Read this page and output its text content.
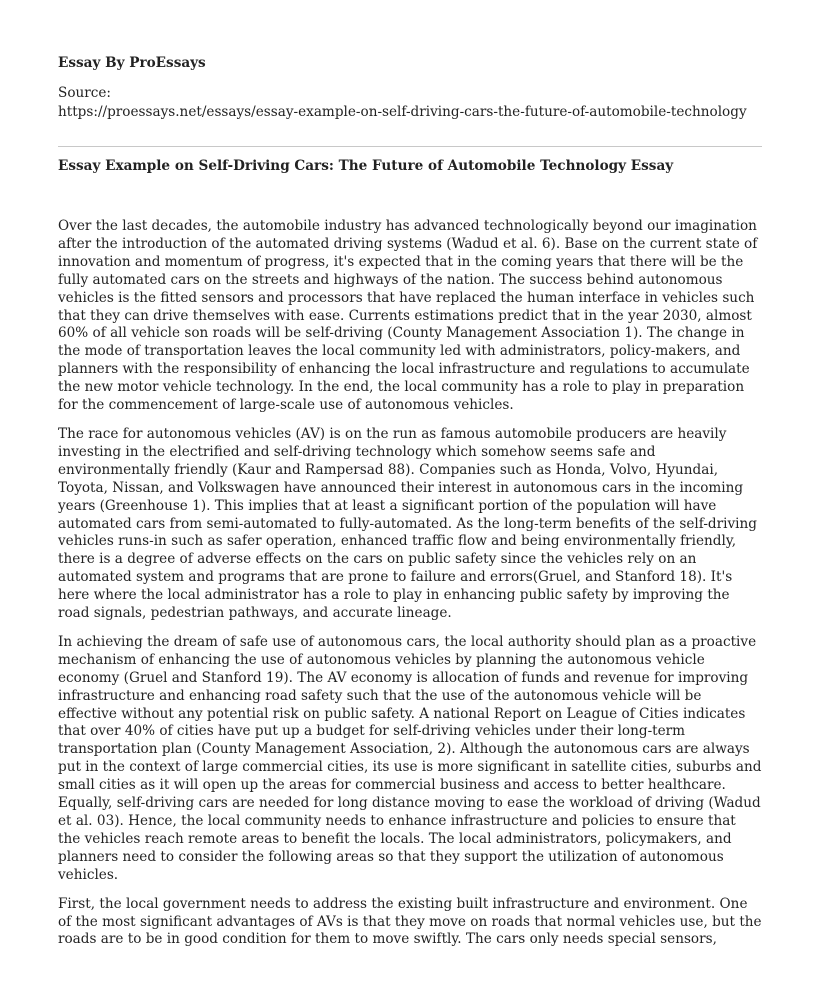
Essay By ProEssays

Source:

https://proessays.net/essays/essay-example-on-self-driving-cars-the-future-of-automobile-technology

Essay Example on Self-Driving Cars: The Future of Automobile Technology Essay

Over the last decades, the automobile industry has advanced technologically beyond our imagination after the introduction of the automated driving systems (Wadud et al. 6). Base on the current state of innovation and momentum of progress, it's expected that in the coming years that there will be the fully automated cars on the streets and highways of the nation. The success behind autonomous vehicles is the fitted sensors and processors that have replaced the human interface in vehicles such that they can drive themselves with ease. Currents estimations predict that in the year 2030, almost 60% of all vehicle son roads will be self-driving (County Management Association 1). The change in the mode of transportation leaves the local community led with administrators, policy-makers, and planners with the responsibility of enhancing the local infrastructure and regulations to accumulate the new motor vehicle technology. In the end, the local community has a role to play in preparation for the commencement of large-scale use of autonomous vehicles.

The race for autonomous vehicles (AV) is on the run as famous automobile producers are heavily investing in the electrified and self-driving technology which somehow seems safe and environmentally friendly (Kaur and Rampersad 88). Companies such as Honda, Volvo, Hyundai, Toyota, Nissan, and Volkswagen have announced their interest in autonomous cars in the incoming years (Greenhouse 1). This implies that at least a significant portion of the population will have automated cars from semi-automated to fully-automated. As the long-term benefits of the self-driving vehicles runs-in such as safer operation, enhanced traffic flow and being environmentally friendly, there is a degree of adverse effects on the cars on public safety since the vehicles rely on an automated system and programs that are prone to failure and errors(Gruel, and Stanford 18). It's here where the local administrator has a role to play in enhancing public safety by improving the road signals, pedestrian pathways, and accurate lineage.

In achieving the dream of safe use of autonomous cars, the local authority should plan as a proactive mechanism of enhancing the use of autonomous vehicles by planning the autonomous vehicle economy (Gruel and Stanford 19). The AV economy is allocation of funds and revenue for improving infrastructure and enhancing road safety such that the use of the autonomous vehicle will be effective without any potential risk on public safety. A national Report on League of Cities indicates that over 40% of cities have put up a budget for self-driving vehicles under their long-term transportation plan (County Management Association, 2). Although the autonomous cars are always put in the context of large commercial cities, its use is more significant in satellite cities, suburbs and small cities as it will open up the areas for commercial business and access to better healthcare. Equally, self-driving cars are needed for long distance moving to ease the workload of driving (Wadud et al. 03). Hence, the local community needs to enhance infrastructure and policies to ensure that the vehicles reach remote areas to benefit the locals. The local administrators, policymakers, and planners need to consider the following areas so that they support the utilization of autonomous vehicles.

First, the local government needs to address the existing built infrastructure and environment. One of the most significant advantages of AVs is that they move on roads that normal vehicles use, but the roads are to be in good condition for them to move swiftly. The cars only needs special sensors,
